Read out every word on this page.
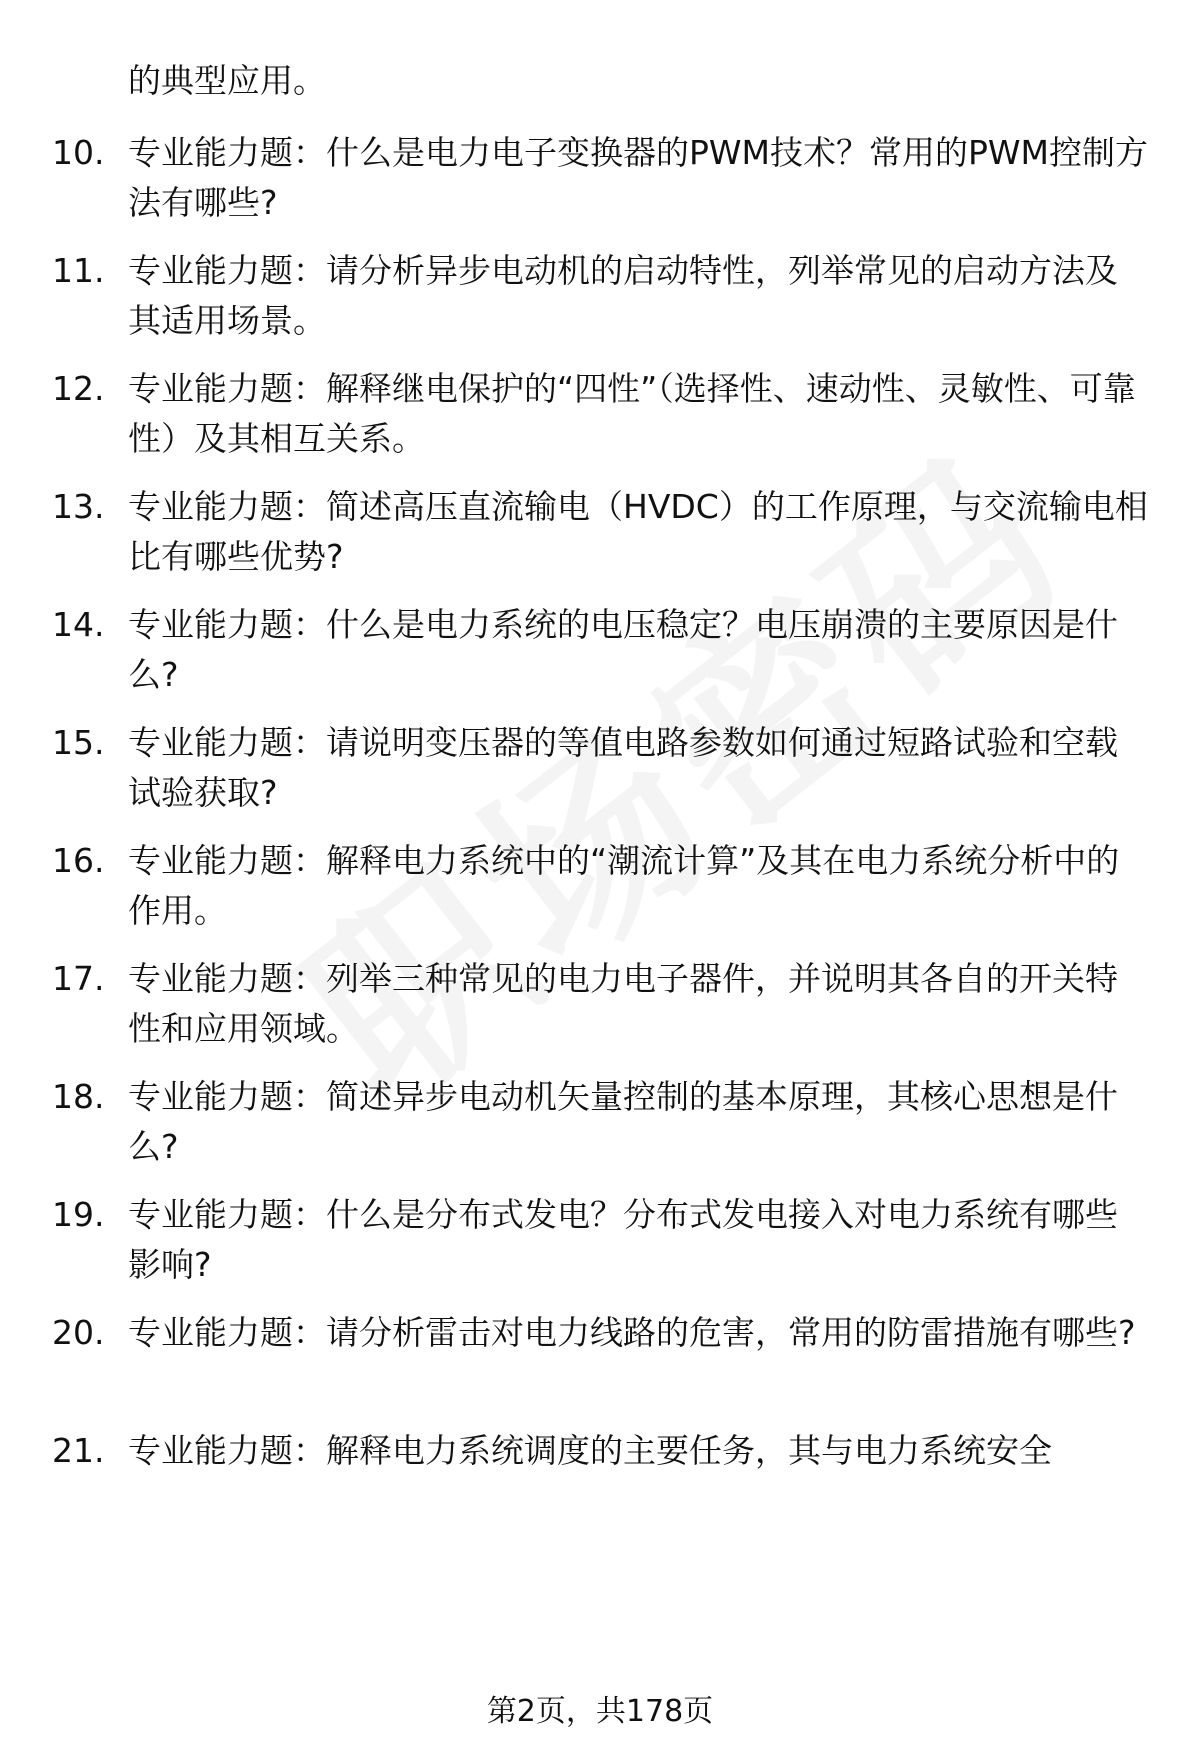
的典型应用。
10. 专业能力题：什么是电力电子变换器的PWM技术？常用的PWM控制方法有哪些?
11. 专业能力题：请分析异步电动机的启动特性，列举常见的启动方法及其适用场景。
12. 专业能力题：解释继电保护的“四性”（选择性、速动性、灵敏性、可靠性）及其相互关系。
13. 专业能力题：简述高压直流输电（HVDC）的工作原理，与交流输电相比有哪些优势?
14. 专业能力题：什么是电力系统的电压稳定？电压崩溃的主要原因是什么?
15. 专业能力题：请说明变压器的等值电路参数如何通过短路试验和空载试验获取?
16. 专业能力题：解释电力系统中的“潮流计算”及其在电力系统分析中的作用。
17. 专业能力题：列举三种常见的电力电子器件，并说明其各自的开关特性和应用领域。
18. 专业能力题：简述异步电动机矢量控制的基本原理，其核心思想是什么?
19. 专业能力题：什么是分布式发电？分布式发电接入对电力系统有哪些影响?
20. 专业能力题：请分析雷击对电力线路的危害，常用的防雷措施有哪些?
21. 专业能力题：解释电力系统调度的主要任务，其与电力系统安全
第2页，共178页
